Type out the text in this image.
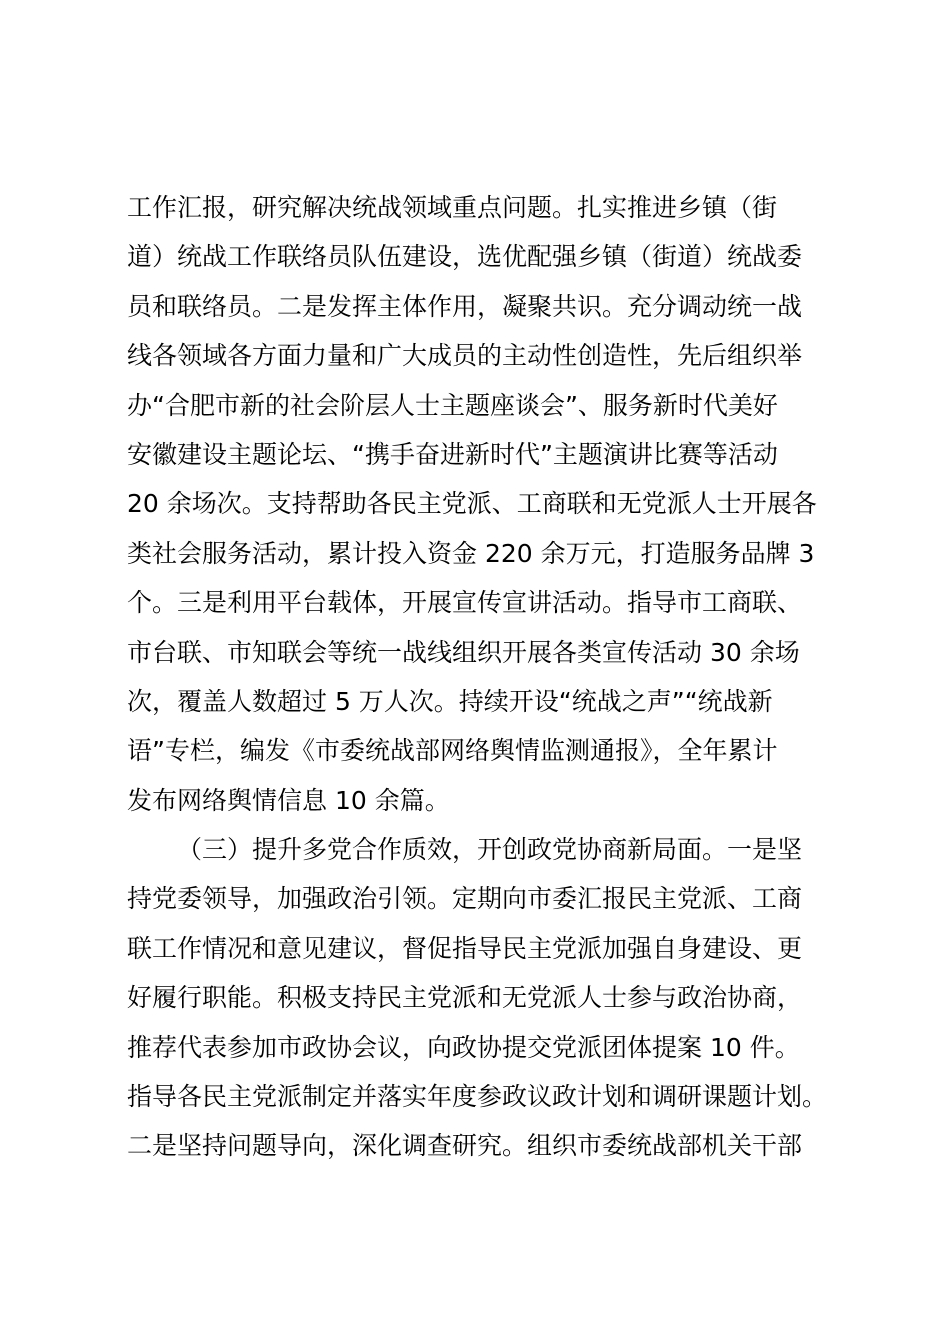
工作汇报，研究解决统战领域重点问题。扎实推进乡镇（街
道）统战工作联络员队伍建设，选优配强乡镇（街道）统战委
员和联络员。二是发挥主体作用，凝聚共识。充分调动统一战
线各领域各方面力量和广大成员的主动性创造性，先后组织举
办“合肥市新的社会阶层人士主题座谈会”、服务新时代美好
安徽建设主题论坛、“携手奋进新时代”主题演讲比赛等活动
20 余场次。支持帮助各民主党派、工商联和无党派人士开展各
类社会服务活动，累计投入资金 220 余万元，打造服务品牌 3
个。三是利用平台载体，开展宣传宣讲活动。指导市工商联、
市台联、市知联会等统一战线组织开展各类宣传活动 30 余场
次，覆盖人数超过 5 万人次。持续开设“统战之声”“统战新
语”专栏，编发《市委统战部网络舆情监测通报》，全年累计
发布网络舆情信息 10 余篇。
（三）提升多党合作质效，开创政党协商新局面。一是坚
持党委领导，加强政治引领。定期向市委汇报民主党派、工商
联工作情况和意见建议，督促指导民主党派加强自身建设、更
好履行职能。积极支持民主党派和无党派人士参与政治协商，
推荐代表参加市政协会议，向政协提交党派团体提案 10 件。
指导各民主党派制定并落实年度参政议政计划和调研课题计划。
二是坚持问题导向，深化调查研究。组织市委统战部机关干部
